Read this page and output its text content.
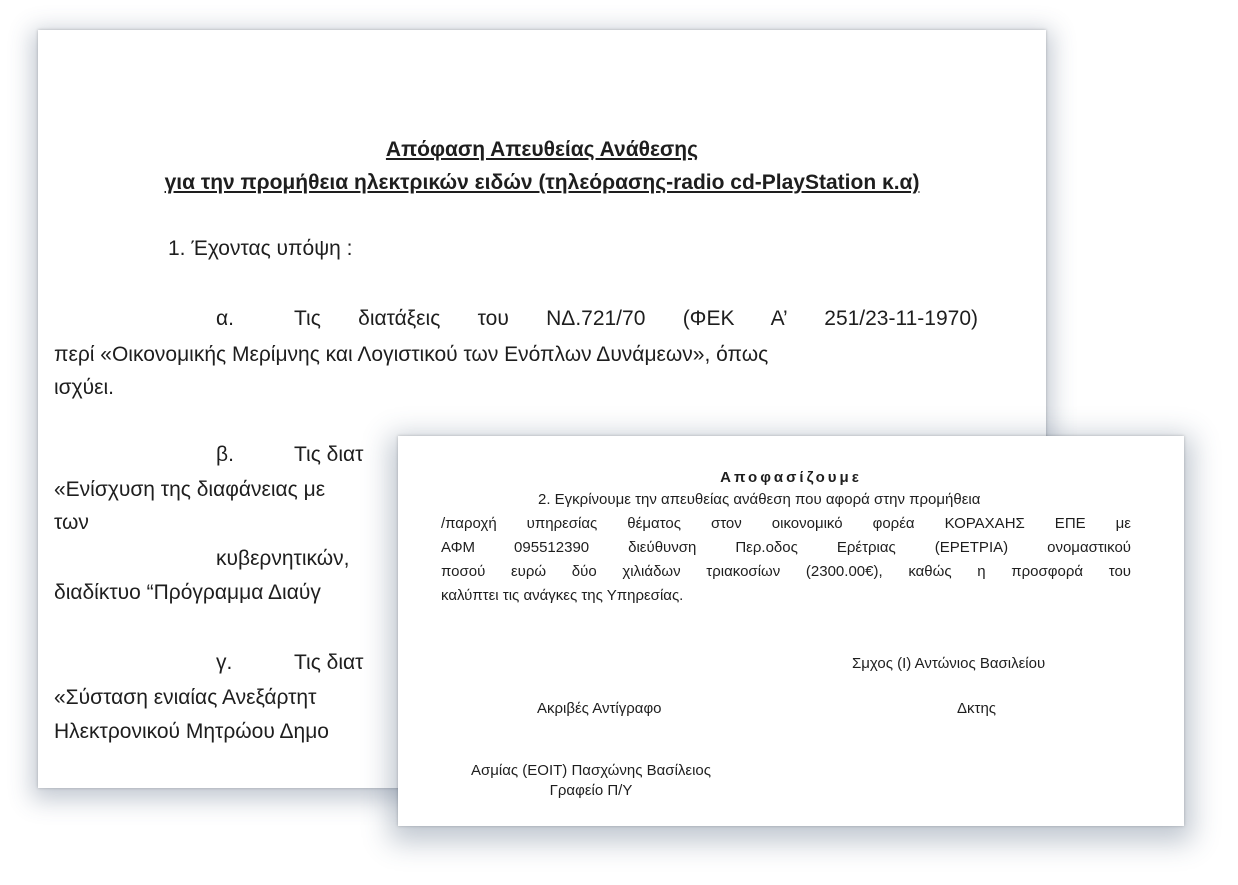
Απόφαση Απευθείας Ανάθεσης
για την προμήθεια ηλεκτρικών ειδών (τηλεόρασης-radio cd-PlayStation κ.α)
1. Έχοντας υπόψη :
α.	Τις διατάξεις του ΝΔ.721/70 (ΦΕΚ Α’ 251/23-11-1970)
περί «Οικονομικής Μερίμνης και Λογιστικού των Ενόπλων Δυνάμεων», όπως
ισχύει.
β.	Τις διατ
«Ενίσχυση της διαφάνειας με
των
κυβερνητικών,
διαδίκτυο “Πρόγραμμα Διαύγ
γ.	Τις διατ
«Σύσταση ενιαίας Ανεξάρτητ
Ηλεκτρονικού Μητρώου Δημο
Αποφασίζουμε
2. Εγκρίνουμε την απευθείας ανάθεση που αφορά στην προμήθεια
/παροχή υπηρεσίας θέματος στον οικονομικό φορέα ΚΟΡΑΧΑΗΣ ΕΠΕ με
ΑΦΜ 095512390 διεύθυνση Περ.οδος Ερέτριας (ΕΡΕΤΡΙΑ) ονομαστικού
ποσού ευρώ δύο χιλιάδων τριακοσίων (2300.00€), καθώς η προσφορά του
καλύπτει τις ανάγκες της Υπηρεσίας.
Σμχος (Ι) Αντώνιος Βασιλείου
Ακριβές Αντίγραφο	Δκτης
Ασμίας (ΕΟΙΤ) Πασχώνης Βασίλειος
Γραφείο Π/Υ
